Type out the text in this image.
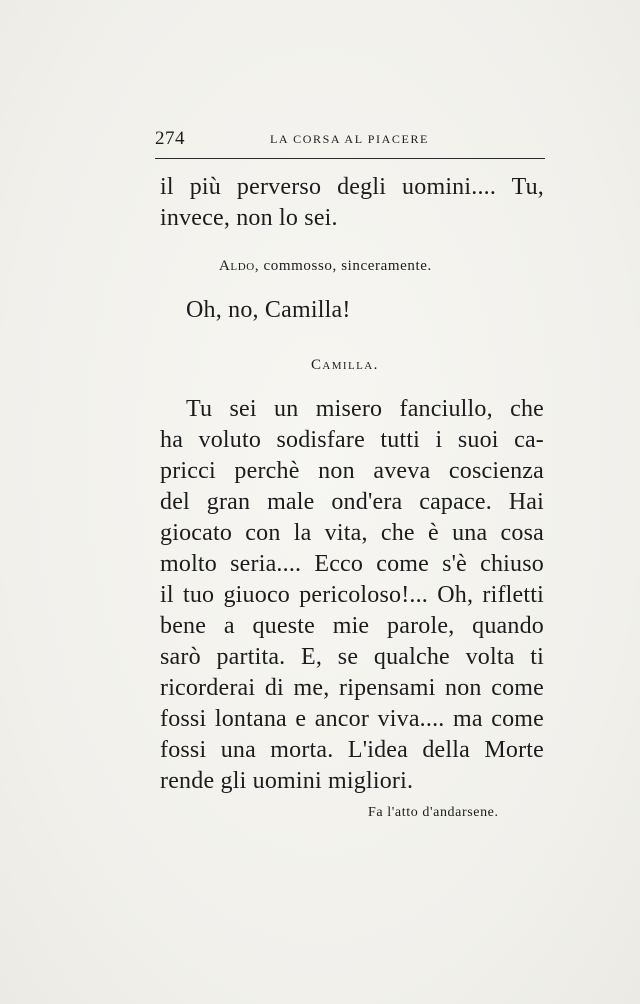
274	LA CORSA AL PIACERE
il più perverso degli uomini.... Tu,
invece, non lo sei.
Aldo, commosso, sinceramente.
Oh, no, Camilla!
Camilla.
Tu sei un misero fanciullo, che
ha voluto sodisfare tutti i suoi ca-
pricci perchè non aveva coscienza
del gran male ond'era capace. Hai
giocato con la vita, che è una cosa
molto seria.... Ecco come s'è chiuso
il tuo giuoco pericoloso!... Oh, rifletti
bene a queste mie parole, quando
sarò partita. E, se qualche volta ti
ricorderai di me, ripensami non come
fossi lontana e ancor viva.... ma come
fossi una morta. L'idea della Morte
rende gli uomini migliori.
Fa l'atto d'andarsene.
